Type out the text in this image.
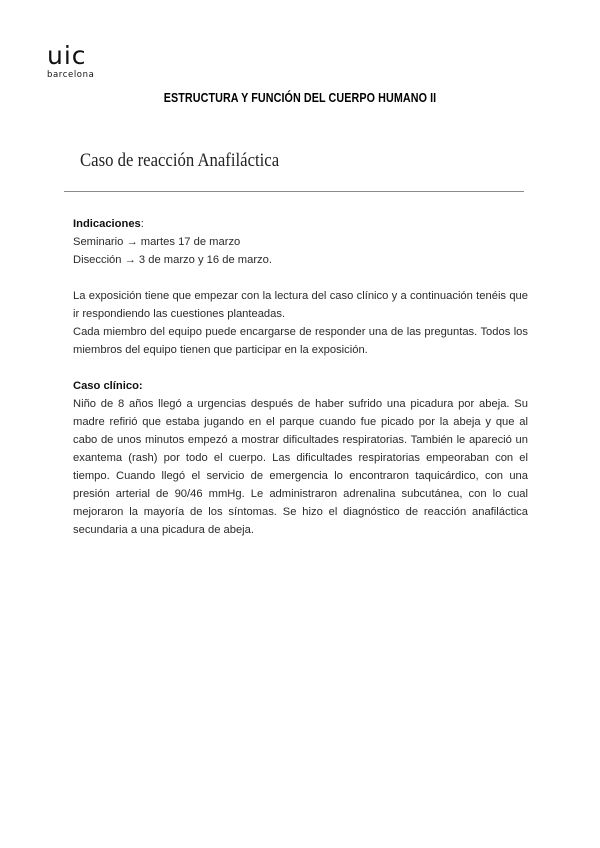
uic
barcelona
ESTRUCTURA Y FUNCIÓN DEL CUERPO HUMANO II
Caso de reacción Anafiláctica

Indicaciones:

Seminario → martes 17 de marzo

Disección → 3 de marzo y 16 de marzo.

La exposición tiene que empezar con la lectura del caso clínico y a continuación tenéis que ir respondiendo las cuestiones planteadas.

Cada miembro del equipo puede encargarse de responder una de las preguntas. Todos los miembros del equipo tienen que participar en la exposición.

Caso clínico:

Niño de 8 años llegó a urgencias después de haber sufrido una picadura por abeja. Su madre refirió que estaba jugando en el parque cuando fue picado por la abeja y que al cabo de unos minutos empezó a mostrar dificultades respiratorias. También le apareció un exantema (rash) por todo el cuerpo. Las dificultades respiratorias empeoraban con el tiempo. Cuando llegó el servicio de emergencia lo encontraron taquicárdico, con una presión arterial de 90/46 mmHg. Le administraron adrenalina subcutánea, con lo cual mejoraron la mayoría de los síntomas. Se hizo el diagnóstico de reacción anafiláctica secundaria a una picadura de abeja.
